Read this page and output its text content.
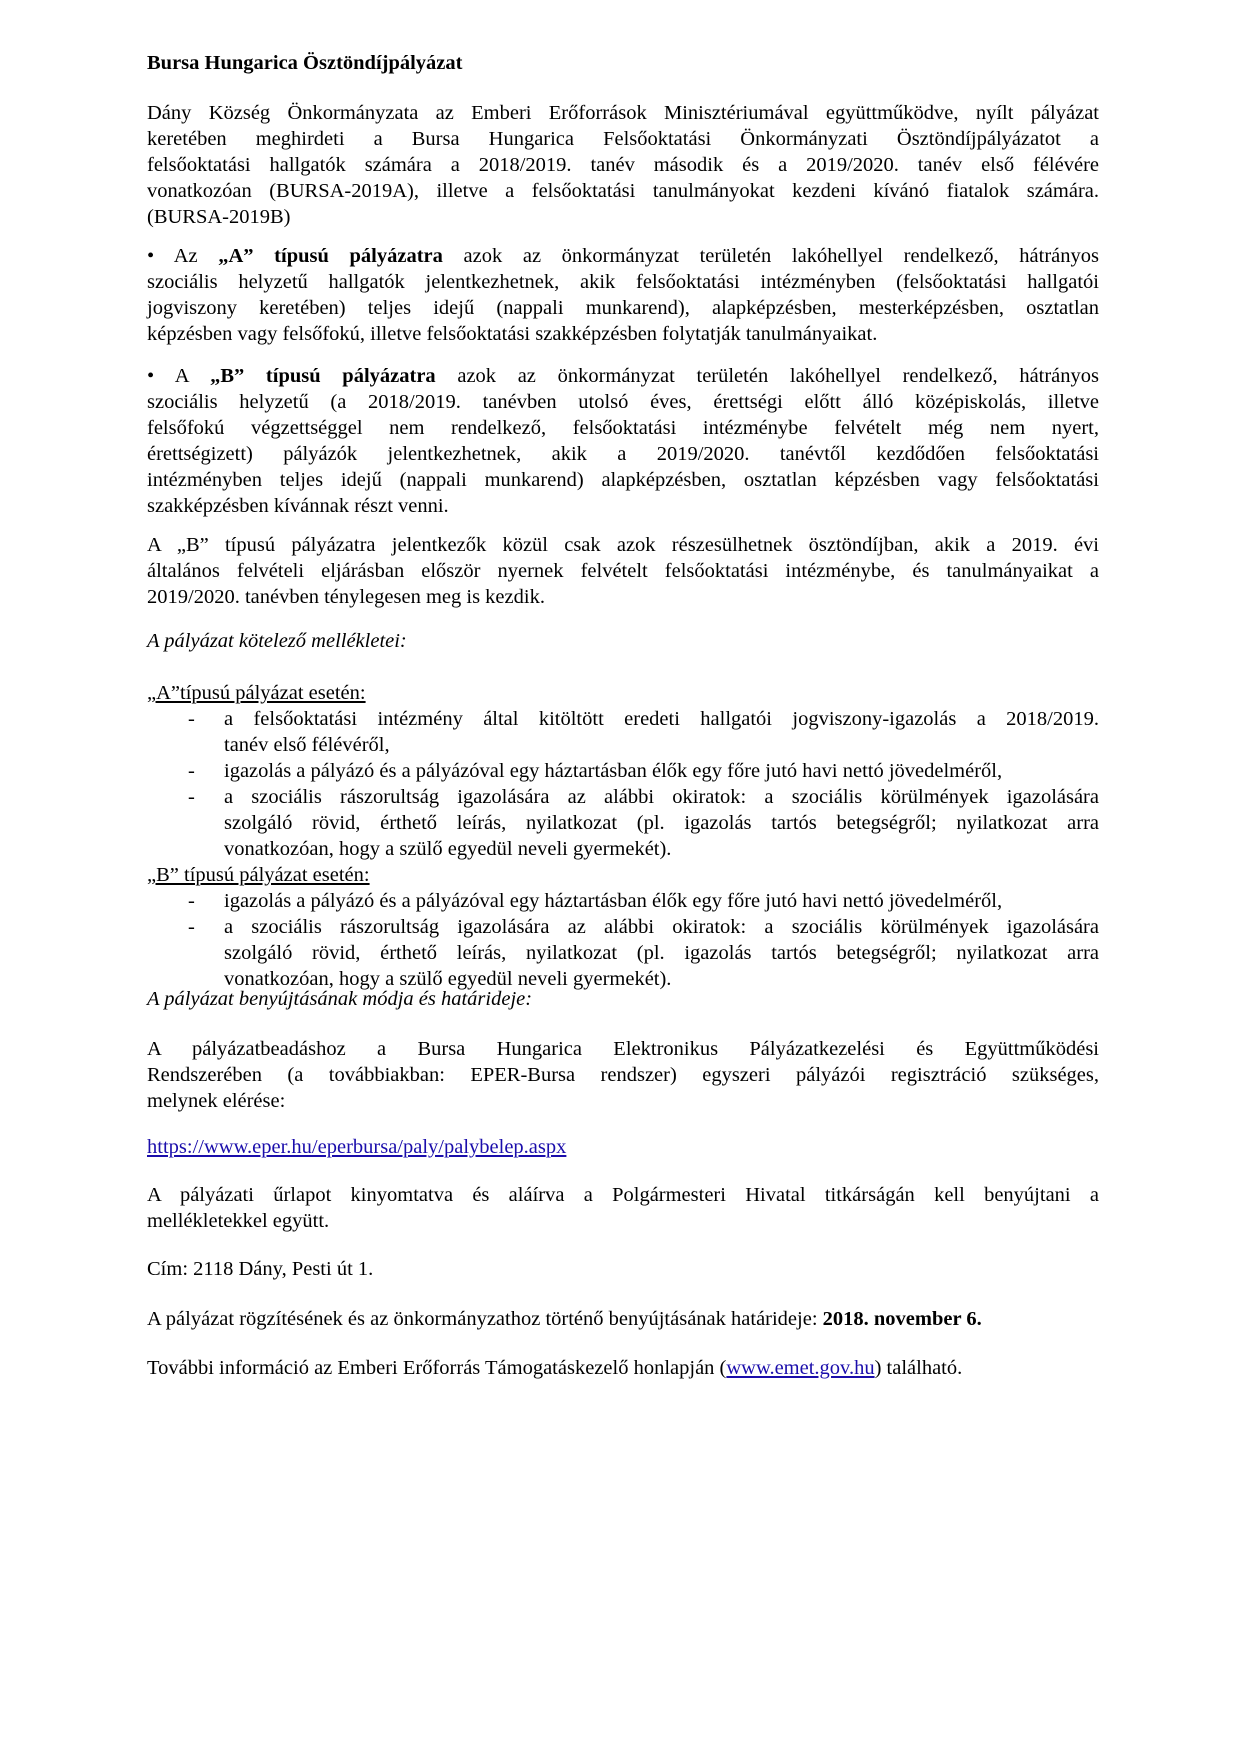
Bursa Hungarica Ösztöndíjpályázat
Dány Község Önkormányzata az Emberi Erőforrások Minisztériumával együttműködve, nyílt pályázat
keretében meghirdeti a Bursa Hungarica Felsőoktatási Önkormányzati Ösztöndíjpályázatot a
felsőoktatási hallgatók számára a 2018/2019. tanév második és a 2019/2020. tanév első félévére
vonatkozóan (BURSA-2019A), illetve a felsőoktatási tanulmányokat kezdeni kívánó fiatalok számára.
(BURSA-2019B)
• Az „A” típusú pályázatra azok az önkormányzat területén lakóhellyel rendelkező, hátrányos
szociális helyzetű hallgatók jelentkezhetnek, akik felsőoktatási intézményben (felsőoktatási hallgatói
jogviszony keretében) teljes idejű (nappali munkarend), alapképzésben, mesterképzésben, osztatlan
képzésben vagy felsőfokú, illetve felsőoktatási szakképzésben folytatják tanulmányaikat.
• A „B” típusú pályázatra azok az önkormányzat területén lakóhellyel rendelkező, hátrányos
szociális helyzetű (a 2018/2019. tanévben utolsó éves, érettségi előtt álló középiskolás, illetve
felsőfokú végzettséggel nem rendelkező, felsőoktatási intézménybe felvételt még nem nyert,
érettségizett) pályázók jelentkezhetnek, akik a 2019/2020. tanévtől kezdődően felsőoktatási
intézményben teljes idejű (nappali munkarend) alapképzésben, osztatlan képzésben vagy felsőoktatási
szakképzésben kívánnak részt venni.
A „B” típusú pályázatra jelentkezők közül csak azok részesülhetnek ösztöndíjban, akik a 2019. évi
általános felvételi eljárásban először nyernek felvételt felsőoktatási intézménybe, és tanulmányaikat a
2019/2020. tanévben ténylegesen meg is kezdik.
A pályázat kötelező mellékletei:
„A”típusú pályázat esetén:
- a felsőoktatási intézmény által kitöltött eredeti hallgatói jogviszony-igazolás a 2018/2019.
tanév első félévéről,
- igazolás a pályázó és a pályázóval egy háztartásban élők egy főre jutó havi nettó jövedelméről,
- a szociális rászorultság igazolására az alábbi okiratok: a szociális körülmények igazolására
szolgáló rövid, érthető leírás, nyilatkozat (pl. igazolás tartós betegségről; nyilatkozat arra
vonatkozóan, hogy a szülő egyedül neveli gyermekét).
„B” típusú pályázat esetén:
- igazolás a pályázó és a pályázóval egy háztartásban élők egy főre jutó havi nettó jövedelméről,
- a szociális rászorultság igazolására az alábbi okiratok: a szociális körülmények igazolására
szolgáló rövid, érthető leírás, nyilatkozat (pl. igazolás tartós betegségről; nyilatkozat arra
vonatkozóan, hogy a szülő egyedül neveli gyermekét).
A pályázat benyújtásának módja és határideje:
A pályázatbeadáshoz a Bursa Hungarica Elektronikus Pályázatkezelési és Együttműködési
Rendszerében (a továbbiakban: EPER-Bursa rendszer) egyszeri pályázói regisztráció szükséges,
melynek elérése:
https://www.eper.hu/eperbursa/paly/palybelep.aspx
A pályázati űrlapot kinyomtatva és aláírva a Polgármesteri Hivatal titkárságán kell benyújtani a
mellékletekkel együtt.
Cím: 2118 Dány, Pesti út 1.
A pályázat rögzítésének és az önkormányzathoz történő benyújtásának határideje: 2018. november 6.
További információ az Emberi Erőforrás Támogatáskezelő honlapján (www.emet.gov.hu) található.
